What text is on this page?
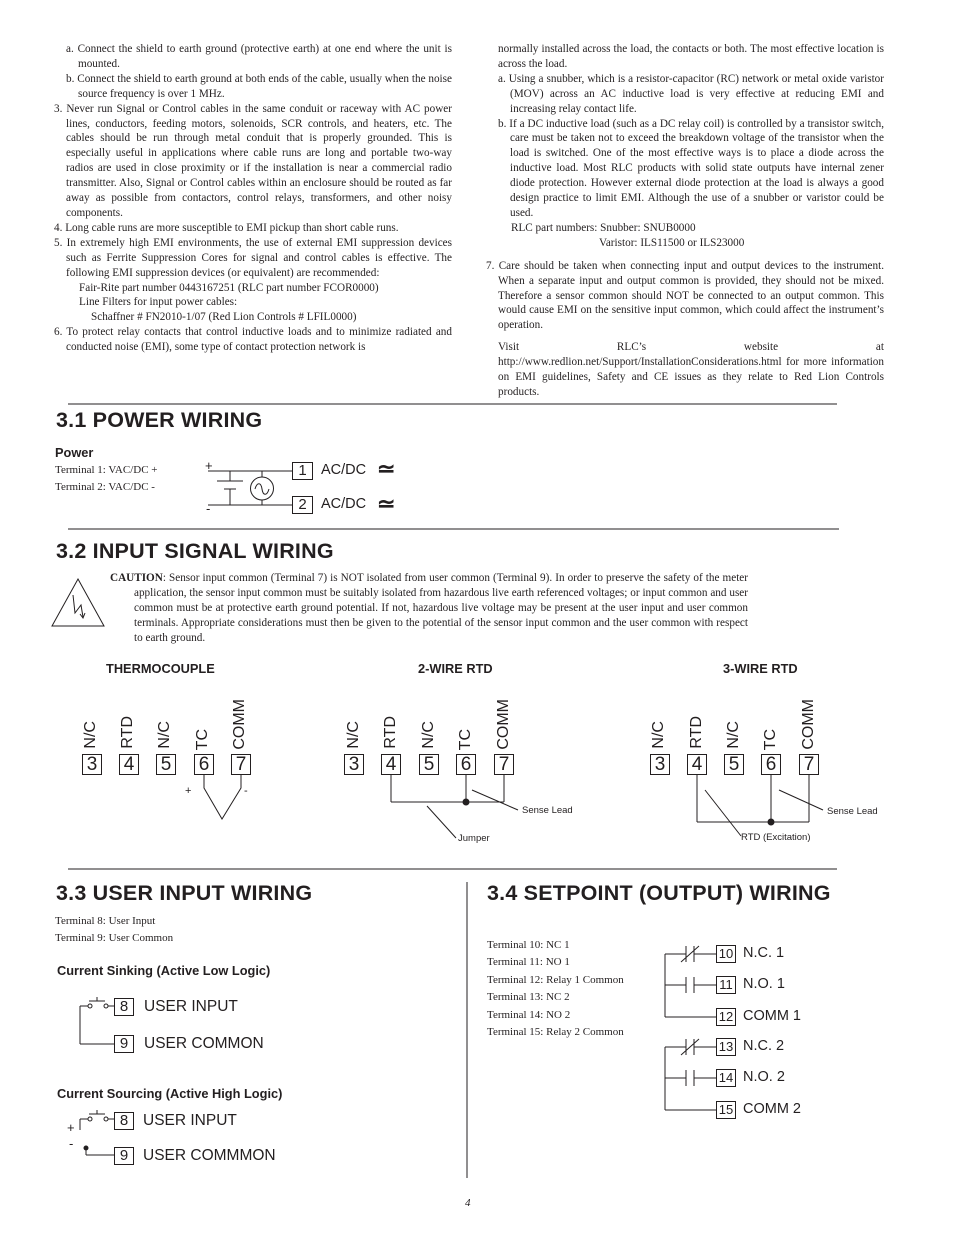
a. Connect the shield to earth ground (protective earth) at one end where the unit is mounted.

b. Connect the shield to earth ground at both ends of the cable, usually when the noise source frequency is over 1 MHz.

3. Never run Signal or Control cables in the same conduit or raceway with AC power lines, conductors, feeding motors, solenoids, SCR controls, and heaters, etc. The cables should be run through metal conduit that is properly grounded. This is especially useful in applications where cable runs are long and portable two-way radios are used in close proximity or if the installation is near a commercial radio transmitter. Also, Signal or Control cables within an enclosure should be routed as far away as possible from contactors, control relays, transformers, and other noisy components.

4. Long cable runs are more susceptible to EMI pickup than short cable runs.

5. In extremely high EMI environments, the use of external EMI suppression devices such as Ferrite Suppression Cores for signal and control cables is effective. The following EMI suppression devices (or equivalent) are recommended:

Fair-Rite part number 0443167251 (RLC part number FCOR0000)

Line Filters for input power cables:

Schaffner # FN2010-1/07 (Red Lion Controls # LFIL0000)

6. To protect relay contacts that control inductive loads and to minimize radiated and conducted noise (EMI), some type of contact protection network is

normally installed across the load, the contacts or both. The most effective location is across the load.

a. Using a snubber, which is a resistor-capacitor (RC) network or metal oxide varistor (MOV) across an AC inductive load is very effective at reducing EMI and increasing relay contact life.

b. If a DC inductive load (such as a DC relay coil) is controlled by a transistor switch, care must be taken not to exceed the breakdown voltage of the transistor when the load is switched. One of the most effective ways is to place a diode across the inductive load. Most RLC products with solid state outputs have internal zener diode protection. However external diode protection at the load is always a good design practice to limit EMI. Although the use of a snubber or varistor could be used.

RLC part numbers: Snubber: SNUB0000

Varistor: ILS11500 or ILS23000

7. Care should be taken when connecting input and output devices to the instrument. When a separate input and output common is provided, they should not be mixed. Therefore a sensor common should NOT be connected to an output common. This would cause EMI on the sensitive input common, which could affect the instrument’s operation.

Visit RLC’s website at http://www.redlion.net/Support/InstallationConsiderations.html for more information on EMI guidelines, Safety and CE issues as they relate to Red Lion Controls products.

3.1 POWER WIRING
Power
Terminal 1: VAC/DC +
Terminal 2: VAC/DC -
+
-
1
2
AC/DC
AC/DC
≃
≃
3.2 INPUT SIGNAL WIRING
CAUTION: Sensor input common (Terminal 7) is NOT isolated from user common (Terminal 9). In order to preserve the safety of the meter application, the sensor input common must be suitably isolated from hazardous live earth referenced voltages; or input common and user common must be at protective earth ground potential. If not, hazardous live voltage may be present at the user input and user common terminals. Appropriate considerations must then be given to the potential of the sensor input common and the user common with respect to earth ground.
THERMOCOUPLE	2-WIRE RTD	3-WIRE RTD
N/C RTD N/C TC COMM
3 4 5 6 7
+	-
N/C RTD N/C TC COMM
3 4 5 6 7
Sense Lead
Jumper
N/C RTD N/C TC COMM
3 4 5 6 7
Sense Lead
RTD (Excitation)
3.3 USER INPUT WIRING
Terminal 8: User Input
Terminal 9: User Common
Current Sinking (Active Low Logic)
8
9
USER INPUT
USER COMMON
Current Sourcing (Active High Logic)
+
-
8
9
USER INPUT
USER COMMMON
3.4 SETPOINT (OUTPUT) WIRING
Terminal 10: NC 1
Terminal 11: NO 1
Terminal 12: Relay 1 Common
Terminal 13: NC 2
Terminal 14: NO 2
Terminal 15: Relay 2 Common
10
11
12
13
14
15
N.C. 1
N.O. 1
COMM 1
N.C. 2
N.O. 2
COMM 2
4
